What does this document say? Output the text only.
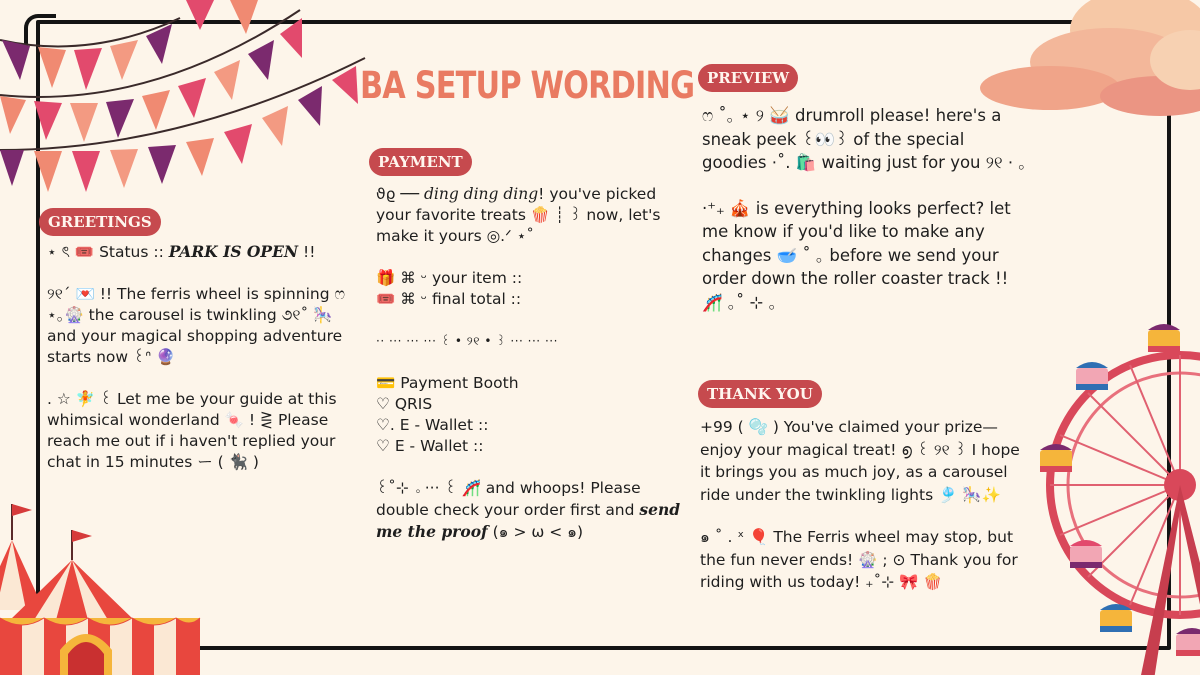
BA SETUP WORDING
GREETINGS

⋆ ৎ 🎟️ Status :: PARK IS OPEN !!

୨୧ˊ 💌 !! The ferris wheel is spinning ෆ ⋆｡🎡 the carousel is twinkling ૭୧˚ 🎠 and your magical shopping adventure starts now ꒰ᐢ 🔮

. ☆ 🧚 ꒰ Let me be your guide at this whimsical wonderland 🍬 ! ⋛ Please reach me out if i haven't replied your chat in 15 minutes ー ( 🐈‍⬛ )

PAYMENT

ϑϱ ── ding ding ding! you've picked your favorite treats 🍿 ┊ ꒱ now, let's make it yours ◎.ᐟ ⋆˚

🎁 ⌘ ᵕ your item ::

🎟️ ⌘ ᵕ final total ::

·· ··· ··· ··· ꒰ • ୨୧ • ꒱ ··· ··· ···

💳 Payment Booth

♡ QRIS

♡. E - Wallet ::

♡ E - Wallet ::

꒰˚⊹ ｡ ··· ꒰ 🎢 and whoops! Please double check your order first and send me the proof (๑ > ω < ๑)

PREVIEW

ෆ ˚｡ ⋆ ୨ 🥁 drumroll please! here's a sneak peek ꒰👀꒱ of the special goodies ⋅˚. 🛍️ waiting just for you ୨୧ ⋅ ｡

‧⁺₊ 🎪 is everything looks perfect? let me know if you'd like to make any changes 🥣 ˚ ｡ before we send your order down the roller coaster track !! 🎢 ｡˚ ⊹ ｡

THANK YOU

+99 ( 🫧 ) You've claimed your prize—enjoy your magical treat! ൭ ꒰ ୨୧ ꒱ I hope it brings you as much joy, as a carousel ride under the twinkling lights 🎐 🎠✨

๑ ˚ . ˣ 🎈 The Ferris wheel may stop, but the fun never ends! 🎡 ; ⊙ Thank you for riding with us today! ₊˚⊹ 🎀 🍿
